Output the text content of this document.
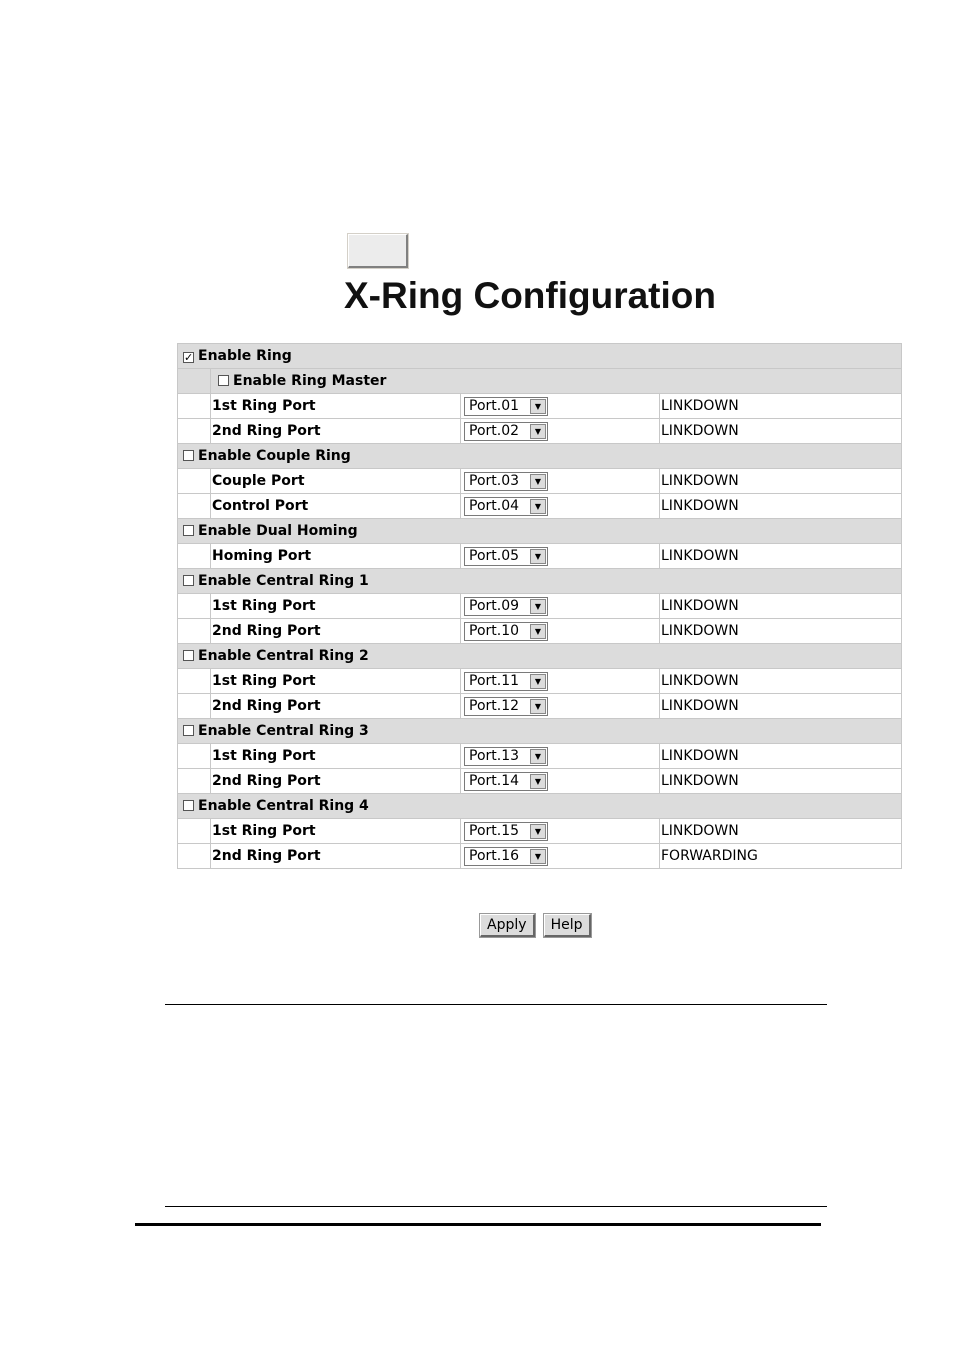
X-Ring Configuration
✓ Enable Ring			
	Enable Ring Master		
	1st Ring Port	Port.01 ▼	LINKDOWN
	2nd Ring Port	Port.02 ▼	LINKDOWN
Enable Couple Ring			
	Couple Port	Port.03 ▼	LINKDOWN
	Control Port	Port.04 ▼	LINKDOWN
Enable Dual Homing			
	Homing Port	Port.05 ▼	LINKDOWN
Enable Central Ring 1			
	1st Ring Port	Port.09 ▼	LINKDOWN
	2nd Ring Port	Port.10 ▼	LINKDOWN
Enable Central Ring 2			
	1st Ring Port	Port.11 ▼	LINKDOWN
	2nd Ring Port	Port.12 ▼	LINKDOWN
Enable Central Ring 3			
	1st Ring Port	Port.13 ▼	LINKDOWN
	2nd Ring Port	Port.14 ▼	LINKDOWN
Enable Central Ring 4			
	1st Ring Port	Port.15 ▼	LINKDOWN
	2nd Ring Port	Port.16 ▼	FORWARDING
Apply Help
